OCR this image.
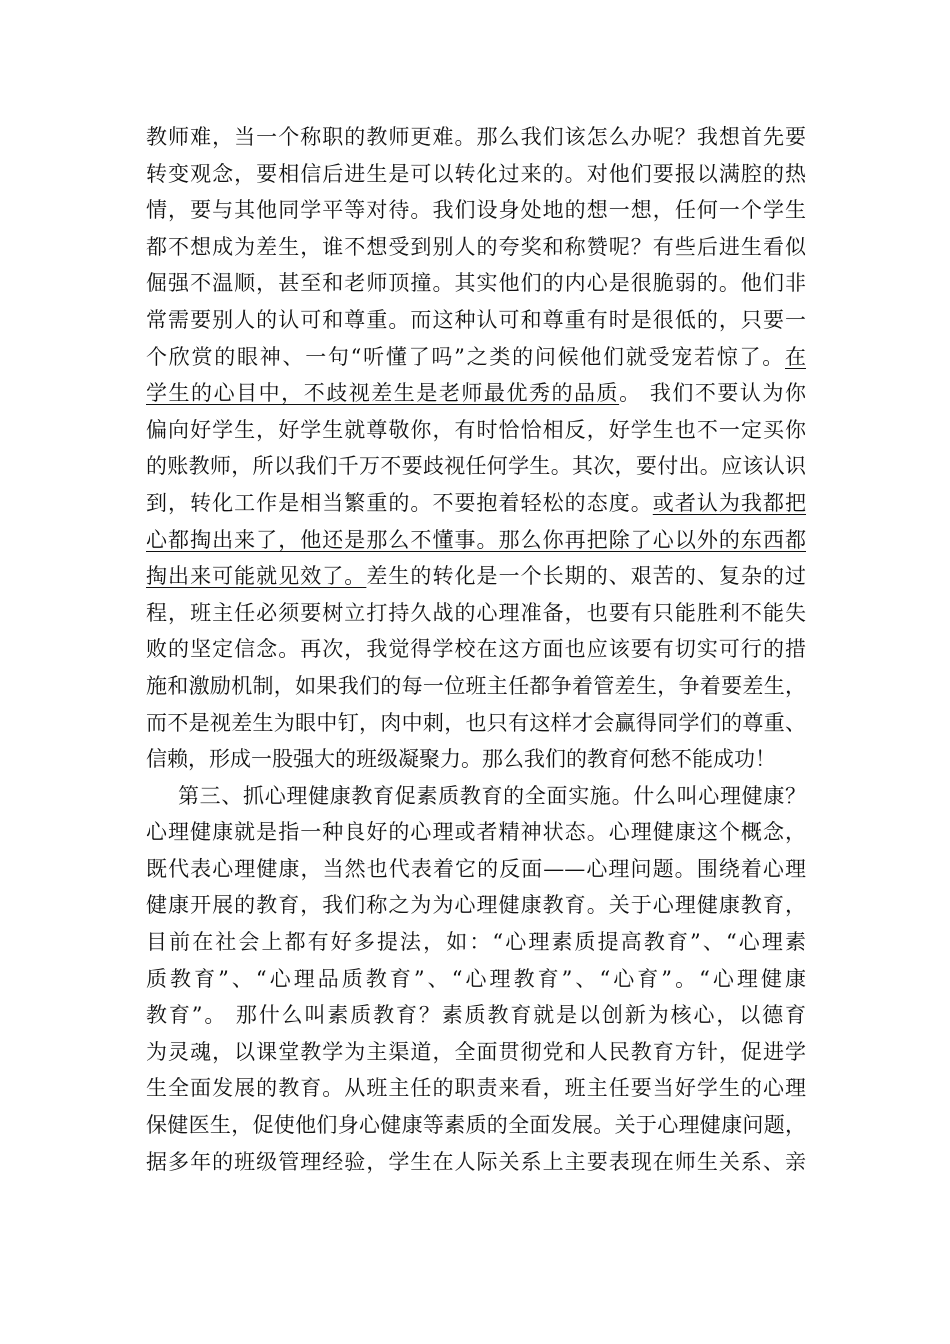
教师难，当一个称职的教师更难。那么我们该怎么办呢？我想首先要
转变观念，要相信后进生是可以转化过来的。对他们要报以满腔的热
情，要与其他同学平等对待。我们设身处地的想一想，任何一个学生
都不想成为差生，谁不想受到别人的夸奖和称赞呢？有些后进生看似
倔强不温顺，甚至和老师顶撞。其实他们的内心是很脆弱的。他们非
常需要别人的认可和尊重。而这种认可和尊重有时是很低的，只要一
个欣赏的眼神、一句“听懂了吗”之类的问候他们就受宠若惊了。在
学生的心目中，不歧视差生是老师最优秀的品质。 我们不要认为你
偏向好学生，好学生就尊敬你，有时恰恰相反，好学生也不一定买你
的账教师，所以我们千万不要歧视任何学生。其次，要付出。应该认识
到，转化工作是相当繁重的。不要抱着轻松的态度。或者认为我都把
心都掏出来了，他还是那么不懂事。那么你再把除了心以外的东西都
掏出来可能就见效了。差生的转化是一个长期的、艰苦的、复杂的过
程，班主任必须要树立打持久战的心理准备，也要有只能胜利不能失
败的坚定信念。再次，我觉得学校在这方面也应该要有切实可行的措
施和激励机制，如果我们的每一位班主任都争着管差生，争着要差生，
而不是视差生为眼中钉，肉中刺，也只有这样才会赢得同学们的尊重、
信赖，形成一股强大的班级凝聚力。那么我们的教育何愁不能成功！
第三、抓心理健康教育促素质教育的全面实施。什么叫心理健康？
心理健康就是指一种良好的心理或者精神状态。心理健康这个概念，
既代表心理健康，当然也代表着它的反面——心理问题。围绕着心理
健康开展的教育，我们称之为为心理健康教育。关于心理健康教育，
目前在社会上都有好多提法，如：“心理素质提高教育”、“心理素
质教育”、“心理品质教育”、“心理教育”、“心育”。“心理健康
教育”。 那什么叫素质教育？素质教育就是以创新为核心，以德育
为灵魂，以课堂教学为主渠道，全面贯彻党和人民教育方针，促进学
生全面发展的教育。从班主任的职责来看，班主任要当好学生的心理
保健医生，促使他们身心健康等素质的全面发展。关于心理健康问题，
据多年的班级管理经验，学生在人际关系上主要表现在师生关系、亲
